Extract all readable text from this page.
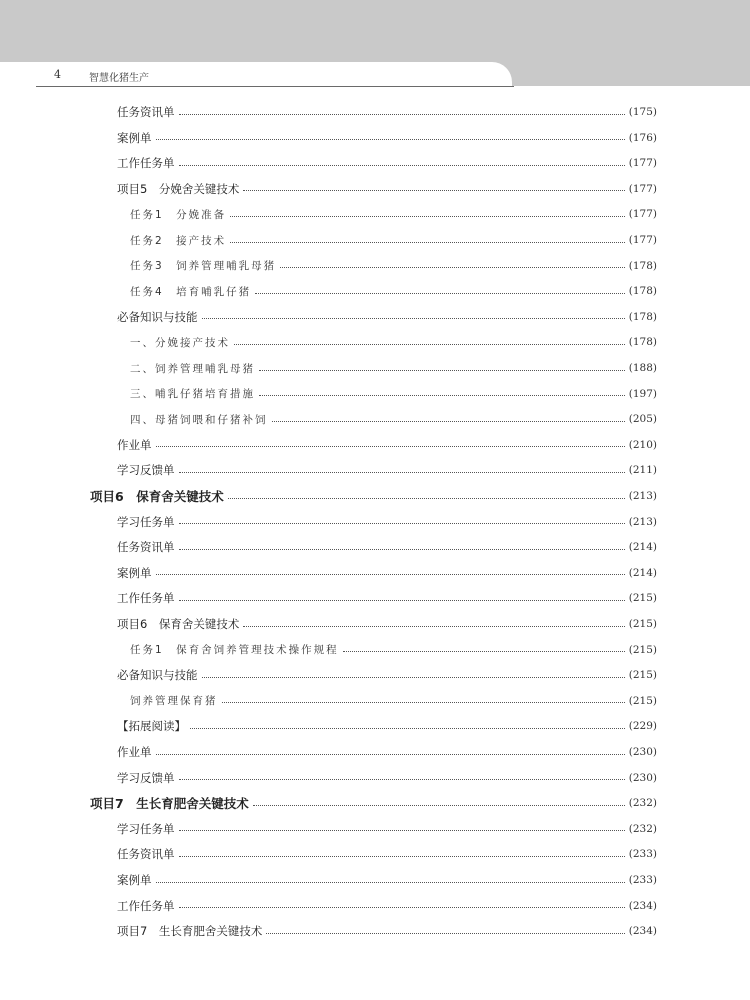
4	智慧化猪生产
任务资讯单	(175)
案例单	(176)
工作任务单	(177)
项目5　分娩舍关键技术	(177)
任务1　分娩准备	(177)
任务2　接产技术	(177)
任务3　饲养管理哺乳母猪	(178)
任务4　培育哺乳仔猪	(178)
必备知识与技能	(178)
一、分娩接产技术	(178)
二、饲养管理哺乳母猪	(188)
三、哺乳仔猪培育措施	(197)
四、母猪饲喂和仔猪补饲	(205)
作业单	(210)
学习反馈单	(211)
项目6　保育舍关键技术	(213)
学习任务单	(213)
任务资讯单	(214)
案例单	(214)
工作任务单	(215)
项目6　保育舍关键技术	(215)
任务1　保育舍饲养管理技术操作规程	(215)
必备知识与技能	(215)
饲养管理保育猪	(215)
【拓展阅读】	(229)
作业单	(230)
学习反馈单	(230)
项目7　生长育肥舍关键技术	(232)
学习任务单	(232)
任务资讯单	(233)
案例单	(233)
工作任务单	(234)
项目7　生长育肥舍关键技术	(234)
